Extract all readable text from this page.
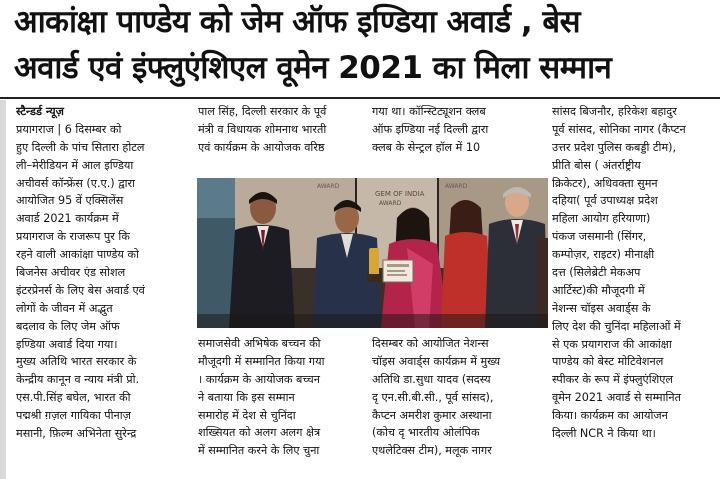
आकांक्षा पाण्डेय को जेम ऑफ इण्डिया अवार्ड , बेस
अवार्ड एवं इंफ्लुएंशिएल वूमेन 2021 का मिला सम्मान
स्टैन्डर्ड न्यूज़
प्रयागराज | 6 दिसम्बर को
हुए दिल्ली के पांच सितारा होटल
ली–मेरीडियन में आल इण्डिया
अचीवर्स कॉन्फ्रेंस (ए.ए.) द्वारा
आयोजित 95 वें एक्सिलेंस
अवार्ड 2021 कार्यक्रम में
प्रयागराज के राजरूप पुर कि
रहने वाली आकांक्षा पाण्डेय को
बिजनेस अचीवर एंड सोशल
इंटरप्रेनर्स के लिए बेस अवार्ड एवं
लोगों के जीवन में अद्भुत
बदलाव के लिए जेम ऑफ
इण्डिया अवार्ड दिया गया।
मुख्य अतिथि भारत सरकार के
केन्द्रीय कानून व न्याय मंत्री प्रो.
एस.पी.सिंह बघेल, भारत की
पद्मश्री ग़ज़ल गायिका पीनाज़
मसानी, फ़िल्म अभिनेता सुरेन्द्र
पाल सिंह, दिल्ली सरकार के पूर्व
मंत्री व विधायक शोमनाथ भारती
एवं कार्यक्रम के आयोजक वरिष्ठ
गया था। कॉन्स्टिट्यूशन क्लब
ऑफ इण्डिया नई दिल्ली द्वारा
क्लब के सेन्ट्रल हॉल में 10
सांसद बिजनौर, हरिकेश बहादुर
पूर्व सांसद, सोनिका नागर (कैप्टन
उत्तर प्रदेश पुलिस कबड्डी टीम),
प्रीति बोस ( अंतर्राष्ट्रीय
क्रिकेटर), अधिवक्ता सुमन
दहिया( पूर्व उपाध्यक्ष प्रदेश
महिला आयोग हरियाणा)
पंकज जसमानी (सिंगर,
कम्पोज़र, राइटर) मीनाक्षी
दत्त (सिलेब्रेटी मेकअप
आर्टिस्ट)की मौजूदगी में
नेशन्स चॉइस अवार्ड्स के
लिए देश की चुनिंदा महिलाओं में
से एक प्रयागराज की आकांक्षा
पाण्डेय को बेस्ट मोटिवेशनल
स्पीकर के रूप में इंफ्लुएंशिएल
वूमेन 2021 अवार्ड से सम्मानित
किया। कार्यक्रम का आयोजन
दिल्ली NCR ने किया था।
AWARD
GEM OF INDIA
AWARD
AWARD
समाजसेवी अभिषेक बच्चन की
मौजूदगी में सम्मानित किया गया
। कार्यक्रम के आयोजक बच्चन
ने बताया कि इस सम्मान
समारोह में देश से चुनिंदा
शख्सियत को अलग अलग क्षेत्र
में सम्मानित करने के लिए चुना
दिसम्बर को आयोजित नेशन्स
चॉइस अवार्ड्स कार्यक्रम में मुख्य
अतिथि डा.सुधा यादव (सदस्य
दृ एन.सी.बी.सी., पूर्व सांसद),
कैप्टन अमरीश कुमार अस्थाना
(कोच दृ भारतीय ओलंपिक
एथलेटिक्स टीम), मलूक नागर
